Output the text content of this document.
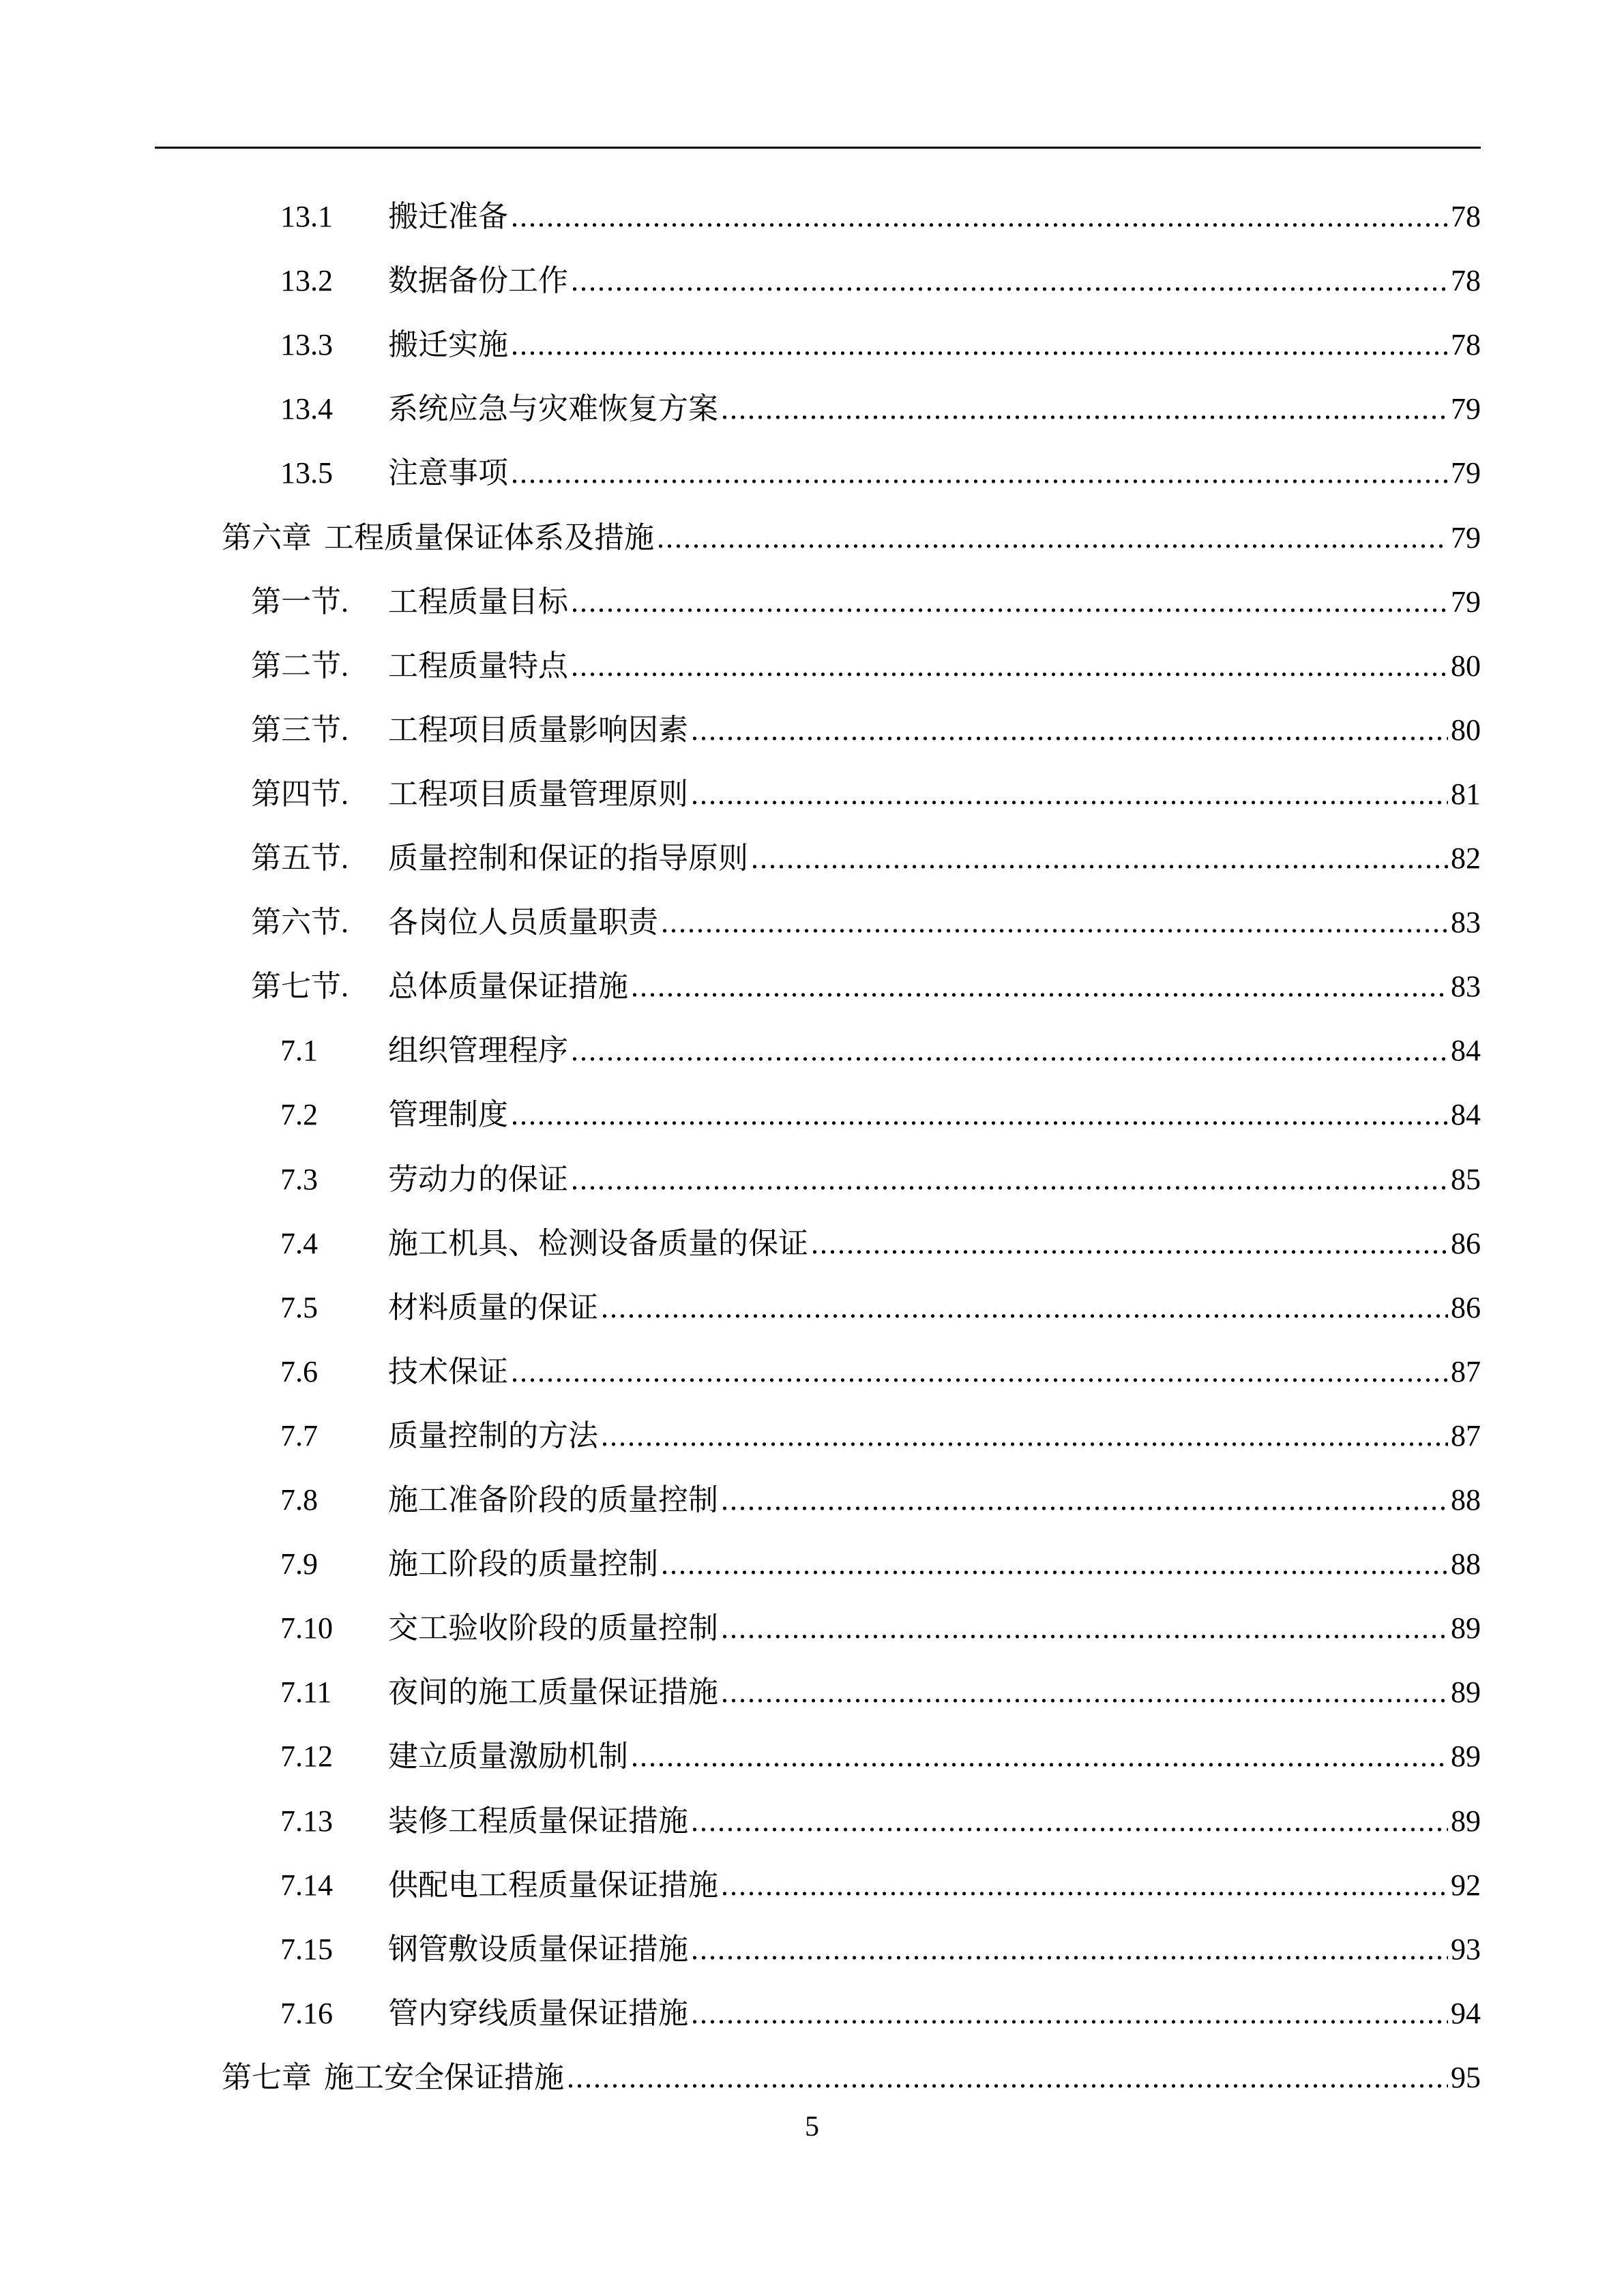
13.1	搬迁准备 .....	78
13.2	数据备份工作 .....	78
13.3	搬迁实施 .....	78
13.4	系统应急与灾难恢复方案 .....	79
13.5	注意事项 .....	79
第六章 工程质量保证体系及措施 .....	79
第一节.	工程质量目标 .....	79
第二节.	工程质量特点 .....	80
第三节.	工程项目质量影响因素 .....	80
第四节.	工程项目质量管理原则 .....	81
第五节.	质量控制和保证的指导原则 .....	82
第六节.	各岗位人员质量职责 .....	83
第七节.	总体质量保证措施 .....	83
7.1	组织管理程序 .....	84
7.2	管理制度 .....	84
7.3	劳动力的保证 .....	85
7.4	施工机具、检测设备质量的保证 .....	86
7.5	材料质量的保证 .....	86
7.6	技术保证 .....	87
7.7	质量控制的方法 .....	87
7.8	施工准备阶段的质量控制 .....	88
7.9	施工阶段的质量控制 .....	88
7.10	交工验收阶段的质量控制 .....	89
7.11	夜间的施工质量保证措施 .....	89
7.12	建立质量激励机制 .....	89
7.13	装修工程质量保证措施 .....	89
7.14	供配电工程质量保证措施 .....	92
7.15	钢管敷设质量保证措施 .....	93
7.16	管内穿线质量保证措施 .....	94
第七章 施工安全保证措施 .....	95
5
